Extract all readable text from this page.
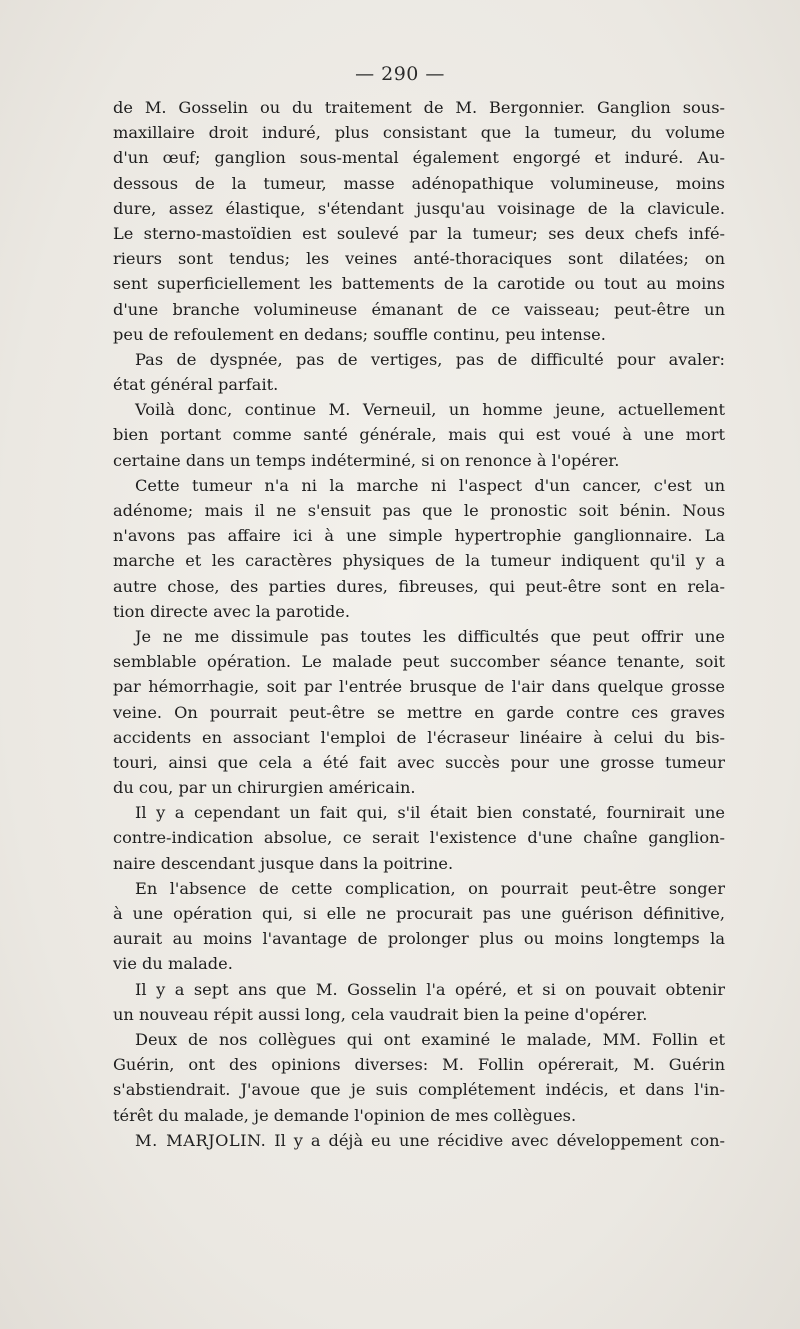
— 290 —
de M. Gosselin ou du traitement de M. Bergonnier. Ganglion sous-
maxillaire droit induré, plus consistant que la tumeur, du volume
d'un œuf; ganglion sous-mental également engorgé et induré. Au-
dessous de la tumeur, masse adénopathique volumineuse, moins
dure, assez élastique, s'étendant jusqu'au voisinage de la clavicule.
Le sterno-mastoïdien est soulevé par la tumeur; ses deux chefs infé-
rieurs sont tendus; les veines anté-thoraciques sont dilatées; on
sent superficiellement les battements de la carotide ou tout au moins
d'une branche volumineuse émanant de ce vaisseau; peut-être un
peu de refoulement en dedans; souffle continu, peu intense.
Pas de dyspnée, pas de vertiges, pas de difficulté pour avaler:
état général parfait.
Voilà donc, continue M. Verneuil, un homme jeune, actuellement
bien portant comme santé générale, mais qui est voué à une mort
certaine dans un temps indéterminé, si on renonce à l'opérer.
Cette tumeur n'a ni la marche ni l'aspect d'un cancer, c'est un
adénome; mais il ne s'ensuit pas que le pronostic soit bénin. Nous
n'avons pas affaire ici à une simple hypertrophie ganglionnaire. La
marche et les caractères physiques de la tumeur indiquent qu'il y a
autre chose, des parties dures, fibreuses, qui peut-être sont en rela-
tion directe avec la parotide.
Je ne me dissimule pas toutes les difficultés que peut offrir une
semblable opération. Le malade peut succomber séance tenante, soit
par hémorrhagie, soit par l'entrée brusque de l'air dans quelque grosse
veine. On pourrait peut-être se mettre en garde contre ces graves
accidents en associant l'emploi de l'écraseur linéaire à celui du bis-
touri, ainsi que cela a été fait avec succès pour une grosse tumeur
du cou, par un chirurgien américain.
Il y a cependant un fait qui, s'il était bien constaté, fournirait une
contre-indication absolue, ce serait l'existence d'une chaîne ganglion-
naire descendant jusque dans la poitrine.
En l'absence de cette complication, on pourrait peut-être songer
à une opération qui, si elle ne procurait pas une guérison définitive,
aurait au moins l'avantage de prolonger plus ou moins longtemps la
vie du malade.
Il y a sept ans que M. Gosselin l'a opéré, et si on pouvait obtenir
un nouveau répit aussi long, cela vaudrait bien la peine d'opérer.
Deux de nos collègues qui ont examiné le malade, MM. Follin et
Guérin, ont des opinions diverses: M. Follin opérerait, M. Guérin
s'abstiendrait. J'avoue que je suis complétement indécis, et dans l'in-
térêt du malade, je demande l'opinion de mes collègues.
M. MARJOLIN. Il y a déjà eu une récidive avec développement con-
